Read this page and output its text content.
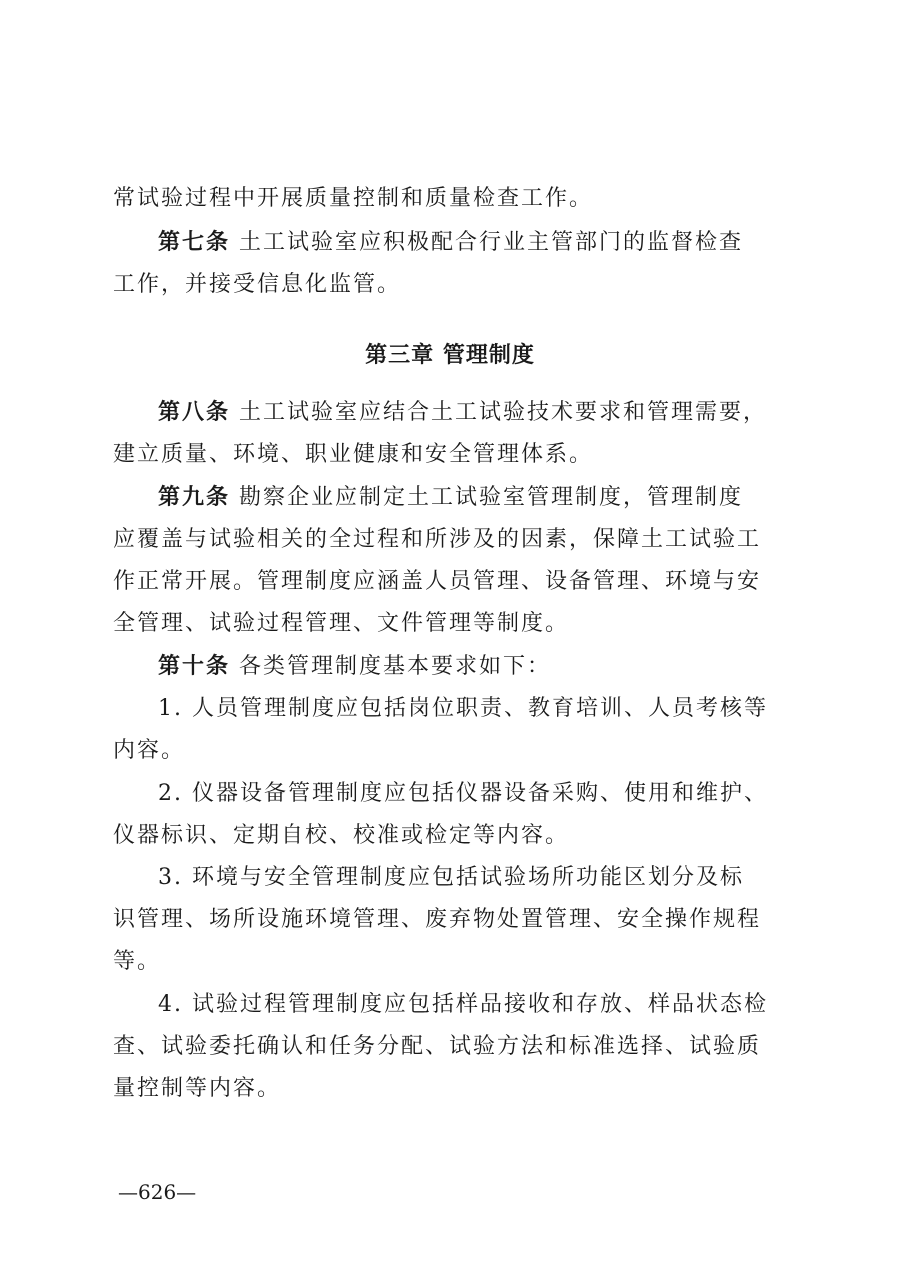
常试验过程中开展质量控制和质量检查工作。
第七条 土工试验室应积极配合行业主管部门的监督检查
工作，并接受信息化监管。
第三章 管理制度
第八条 土工试验室应结合土工试验技术要求和管理需要，
建立质量、环境、职业健康和安全管理体系。
第九条 勘察企业应制定土工试验室管理制度，管理制度
应覆盖与试验相关的全过程和所涉及的因素，保障土工试验工
作正常开展。管理制度应涵盖人员管理、设备管理、环境与安
全管理、试验过程管理、文件管理等制度。
第十条 各类管理制度基本要求如下：
1. 人员管理制度应包括岗位职责、教育培训、人员考核等
内容。
2. 仪器设备管理制度应包括仪器设备采购、使用和维护、
仪器标识、定期自校、校准或检定等内容。
3. 环境与安全管理制度应包括试验场所功能区划分及标
识管理、场所设施环境管理、废弃物处置管理、安全操作规程
等。
4. 试验过程管理制度应包括样品接收和存放、样品状态检
查、试验委托确认和任务分配、试验方法和标准选择、试验质
量控制等内容。
—626—
